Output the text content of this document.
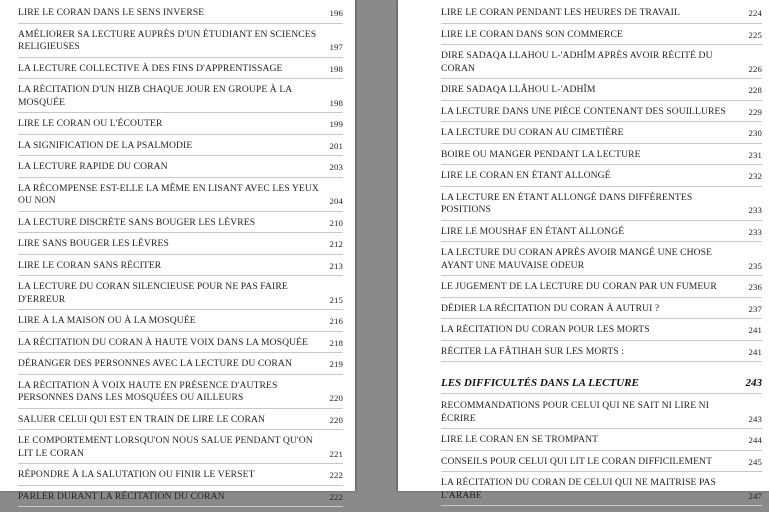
LIRE LE CORAN DANS LE SENS INVERSE	196
AMÉLIORER SA LECTURE AUPRÈS D'UN ÉTUDIANT EN SCIENCES RELIGIEUSES	197
LA LECTURE COLLECTIVE À DES FINS D'APPRENTISSAGE	198
LA RÉCITATION D'UN HIZB CHAQUE JOUR EN GROUPE À LA MOSQUÉE	198
LIRE LE CORAN OU L'ÉCOUTER	199
LA SIGNIFICATION DE LA PSALMODIE	201
LA LECTURE RAPIDE DU CORAN	203
LA RÉCOMPENSE EST-ELLE LA MÊME EN LISANT AVEC LES YEUX OU NON	204
LA LECTURE DISCRÈTE SANS BOUGER LES LÈVRES	210
LIRE SANS BOUGER LES LÈVRES	212
LIRE LE CORAN SANS RÉCITER	213
LA LECTURE DU CORAN SILENCIEUSE POUR NE PAS FAIRE D'ERREUR	215
LIRE À LA MAISON OU À LA MOSQUÉE	216
LA RÉCITATION DU CORAN À HAUTE VOIX DANS LA MOSQUÉE	218
DÉRANGER DES PERSONNES AVEC LA LECTURE DU CORAN	219
LA RÉCITATION À VOIX HAUTE EN PRÉSENCE D'AUTRES PERSONNES DANS LES MOSQUÉES OU AILLEURS	220
SALUER CELUI QUI EST EN TRAIN DE LIRE LE CORAN	220
LE COMPORTEMENT LORSQU'ON NOUS SALUE PENDANT QU'ON LIT LE CORAN	221
RÉPONDRE À LA SALUTATION OU FINIR LE VERSET	222
PARLER DURANT LA RÉCITATION DU CORAN	222
LIRE LE CORAN PENDANT LES HEURES DE TRAVAIL	224
LIRE LE CORAN DANS SON COMMERCE	225
DIRE SADAQA LLAHOU L-'ADHÎM APRÈS AVOIR RÉCITÉ DU CORAN	226
DIRE SADAQA LLÂHOU L-'ADHÎM	228
LA LECTURE DANS UNE PIÈCE CONTENANT DES SOUILLURES	229
LA LECTURE DU CORAN AU CIMETIÈRE	230
BOIRE OU MANGER PENDANT LA LECTURE	231
LIRE LE CORAN EN ÉTANT ALLONGÉ	232
LA LECTURE EN ÉTANT ALLONGÉ DANS DIFFÉRENTES POSITIONS	233
LIRE LE MOUSHAF EN ÉTANT ALLONGÉ	233
LA LECTURE DU CORAN APRÈS AVOIR MANGÉ UNE CHOSE AYANT UNE MAUVAISE ODEUR	235
LE JUGEMENT DE LA LECTURE DU CORAN PAR UN FUMEUR	236
DÉDIER LA RÉCITATION DU CORAN À AUTRUI ?	237
LA RÉCITATION DU CORAN POUR LES MORTS	241
RÉCITER LA FÂTIHAH SUR LES MORTS :	241
LES DIFFICULTÉS DANS LA LECTURE	243
RECOMMANDATIONS POUR CELUI QUI NE SAIT NI LIRE NI ÉCRIRE	243
LIRE LE CORAN EN SE TROMPANT	244
CONSEILS POUR CELUI QUI LIT LE CORAN DIFFICILEMENT	245
LA RÉCITATION DU CORAN DE CELUI QUI NE MAITRISE PAS L'ARABE	247
